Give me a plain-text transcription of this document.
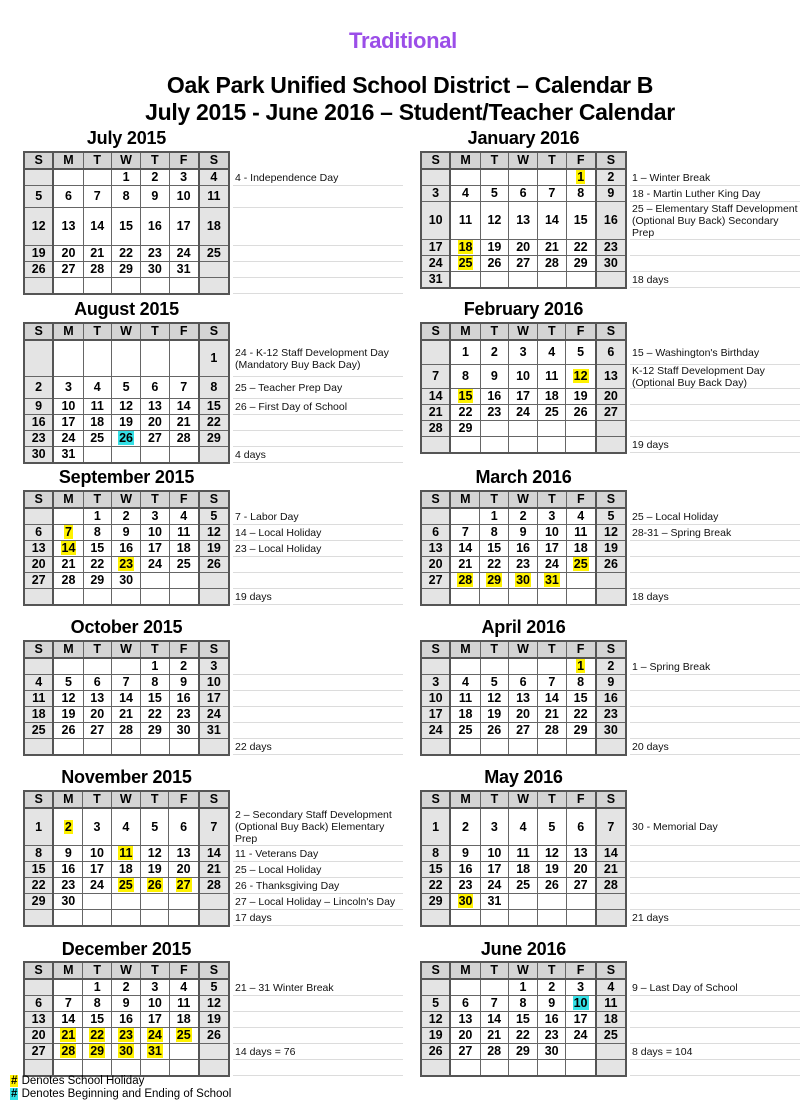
Traditional
Oak Park Unified School District – Calendar B
July 2015 - June 2016 – Student/Teacher Calendar
July 2015
S	M	T	W	T	F	S
			1	2	3	4
5	6	7	8	9	10	11
12	13	14	15	16	17	18
19	20	21	22	23	24	25
26	27	28	29	30	31	

4 - Independence Day
August 2015
S	M	T	W	T	F	S
						1
2	3	4	5	6	7	8
9	10	11	12	13	14	15
16	17	18	19	20	21	22
23	24	25	26	27	28	29
30	31					
24 - K-12 Staff Development Day (Mandatory Buy Back Day)
25 – Teacher Prep Day
26 – First Day of School
4 days
September 2015
S	M	T	W	T	F	S
		1	2	3	4	5
6	7	8	9	10	11	12
13	14	15	16	17	18	19
20	21	22	23	24	25	26
27	28	29	30			

7 - Labor Day
14 – Local Holiday
23 – Local Holiday
19 days
October 2015
S	M	T	W	T	F	S
				1	2	3
4	5	6	7	8	9	10
11	12	13	14	15	16	17
18	19	20	21	22	23	24
25	26	27	28	29	30	31

22 days
November 2015
S	M	T	W	T	F	S
1	2	3	4	5	6	7
8	9	10	11	12	13	14
15	16	17	18	19	20	21
22	23	24	25	26	27	28
29	30					

2 – Secondary Staff Development (Optional Buy Back) Elementary Prep
11 - Veterans Day
25 – Local Holiday
26 - Thanksgiving Day
27 – Local Holiday – Lincoln's Day
17 days
December 2015
S	M	T	W	T	F	S
		1	2	3	4	5
6	7	8	9	10	11	12
13	14	15	16	17	18	19
20	21	22	23	24	25	26
27	28	29	30	31		

21 – 31 Winter Break
14 days = 76
January 2016
S	M	T	W	T	F	S
					1	2
3	4	5	6	7	8	9
10	11	12	13	14	15	16
17	18	19	20	21	22	23
24	25	26	27	28	29	30
31						
1 – Winter Break
18 - Martin Luther King Day
25 – Elementary Staff Development (Optional Buy Back) Secondary Prep
18 days
February 2016
S	M	T	W	T	F	S
	1	2	3	4	5	6
7	8	9	10	11	12	13
14	15	16	17	18	19	20
21	22	23	24	25	26	27
28	29					

15 – Washington's Birthday
K-12 Staff Development Day (Optional Buy Back Day)
19 days
March 2016
S	M	T	W	T	F	S
		1	2	3	4	5
6	7	8	9	10	11	12
13	14	15	16	17	18	19
20	21	22	23	24	25	26
27	28	29	30	31		

25 – Local Holiday
28-31 – Spring Break
18 days
April 2016
S	M	T	W	T	F	S
					1	2
3	4	5	6	7	8	9
10	11	12	13	14	15	16
17	18	19	20	21	22	23
24	25	26	27	28	29	30

1 – Spring Break
20 days
May 2016
S	M	T	W	T	F	S
1	2	3	4	5	6	7
8	9	10	11	12	13	14
15	16	17	18	19	20	21
22	23	24	25	26	27	28
29	30	31				

30 - Memorial Day
21 days
June 2016
S	M	T	W	T	F	S
			1	2	3	4
5	6	7	8	9	10	11
12	13	14	15	16	17	18
19	20	21	22	23	24	25
26	27	28	29	30		

9 – Last Day of School
8 days = 104
# Denotes School Holiday
# Denotes Beginning and Ending of School
